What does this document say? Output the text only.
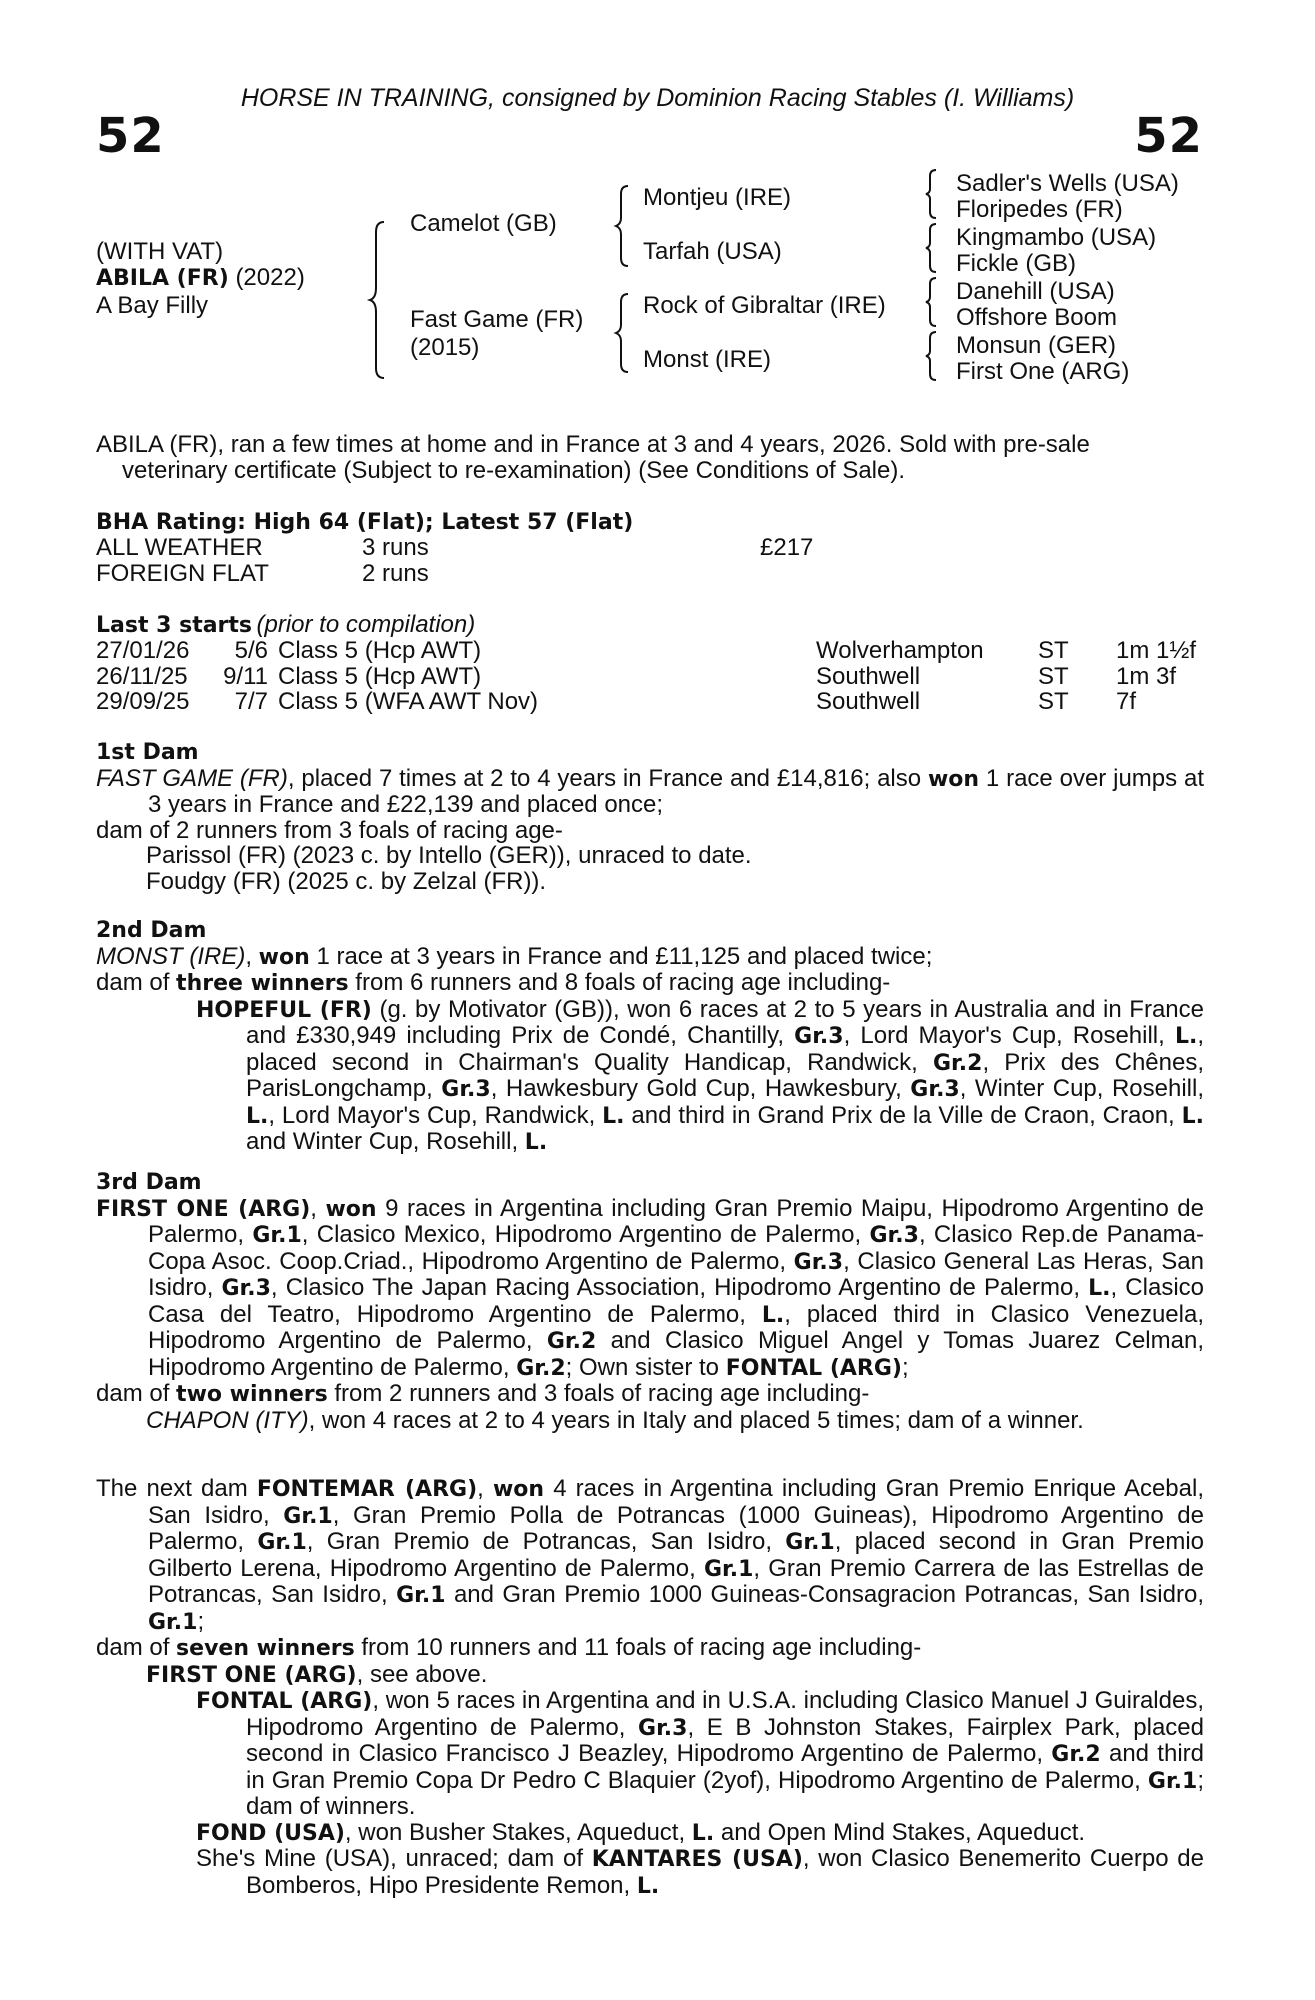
HORSE IN TRAINING, consigned by Dominion Racing Stables (I. Williams)
52	52
(WITH VAT)
ABILA (FR) (2022)
A Bay Filly
Camelot (GB)
Fast Game (FR)
(2015)
Montjeu (IRE)
Tarfah (USA)
Rock of Gibraltar (IRE)
Monst (IRE)
Sadler's Wells (USA)
Floripedes (FR)
Kingmambo (USA)
Fickle (GB)
Danehill (USA)
Offshore Boom
Monsun (GER)
First One (ARG)
ABILA (FR), ran a few times at home and in France at 3 and 4 years, 2026. Sold with pre-sale
veterinary certificate (Subject to re-examination) (See Conditions of Sale).
BHA Rating: High 64 (Flat); Latest 57 (Flat)
ALL WEATHER	3 runs	£217
FOREIGN FLAT	2 runs
Last 3 starts (prior to compilation)
27/01/26	5/6	Class 5 (Hcp AWT)	Wolverhampton	ST	1m 1½f
26/11/25	9/11	Class 5 (Hcp AWT)	Southwell	ST	1m 3f
29/09/25	7/7	Class 5 (WFA AWT Nov)	Southwell	ST	7f
1st Dam
FAST GAME (FR), placed 7 times at 2 to 4 years in France and £14,816; also won 1 race over jumps at 3 years in France and £22,139 and placed once;
dam of 2 runners from 3 foals of racing age-
Parissol (FR) (2023 c. by Intello (GER)), unraced to date.
Foudgy (FR) (2025 c. by Zelzal (FR)).
2nd Dam
MONST (IRE), won 1 race at 3 years in France and £11,125 and placed twice;
dam of three winners from 6 runners and 8 foals of racing age including-
HOPEFUL (FR) (g. by Motivator (GB)), won 6 races at 2 to 5 years in Australia and in France and £330,949 including Prix de Condé, Chantilly, Gr.3, Lord Mayor's Cup, Rosehill, L., placed second in Chairman's Quality Handicap, Randwick, Gr.2, Prix des Chênes, ParisLongchamp, Gr.3, Hawkesbury Gold Cup, Hawkesbury, Gr.3, Winter Cup, Rosehill, L., Lord Mayor's Cup, Randwick, L. and third in Grand Prix de la Ville de Craon, Craon, L. and Winter Cup, Rosehill, L.
3rd Dam
FIRST ONE (ARG), won 9 races in Argentina including Gran Premio Maipu, Hipodromo Argentino de Palermo, Gr.1, Clasico Mexico, Hipodromo Argentino de Palermo, Gr.3, Clasico Rep.de Panama-Copa Asoc. Coop.Criad., Hipodromo Argentino de Palermo, Gr.3, Clasico General Las Heras, San Isidro, Gr.3, Clasico The Japan Racing Association, Hipodromo Argentino de Palermo, L., Clasico Casa del Teatro, Hipodromo Argentino de Palermo, L., placed third in Clasico Venezuela, Hipodromo Argentino de Palermo, Gr.2 and Clasico Miguel Angel y Tomas Juarez Celman, Hipodromo Argentino de Palermo, Gr.2; Own sister to FONTAL (ARG);
dam of two winners from 2 runners and 3 foals of racing age including-
CHAPON (ITY), won 4 races at 2 to 4 years in Italy and placed 5 times; dam of a winner.
The next dam FONTEMAR (ARG), won 4 races in Argentina including Gran Premio Enrique Acebal, San Isidro, Gr.1, Gran Premio Polla de Potrancas (1000 Guineas), Hipodromo Argentino de Palermo, Gr.1, Gran Premio de Potrancas, San Isidro, Gr.1, placed second in Gran Premio Gilberto Lerena, Hipodromo Argentino de Palermo, Gr.1, Gran Premio Carrera de las Estrellas de Potrancas, San Isidro, Gr.1 and Gran Premio 1000 Guineas-Consagracion Potrancas, San Isidro, Gr.1;
dam of seven winners from 10 runners and 11 foals of racing age including-
FIRST ONE (ARG), see above.
FONTAL (ARG), won 5 races in Argentina and in U.S.A. including Clasico Manuel J Guiraldes, Hipodromo Argentino de Palermo, Gr.3, E B Johnston Stakes, Fairplex Park, placed second in Clasico Francisco J Beazley, Hipodromo Argentino de Palermo, Gr.2 and third in Gran Premio Copa Dr Pedro C Blaquier (2yof), Hipodromo Argentino de Palermo, Gr.1; dam of winners.
FOND (USA), won Busher Stakes, Aqueduct, L. and Open Mind Stakes, Aqueduct.
She's Mine (USA), unraced; dam of KANTARES (USA), won Clasico Benemerito Cuerpo de Bomberos, Hipo Presidente Remon, L.
